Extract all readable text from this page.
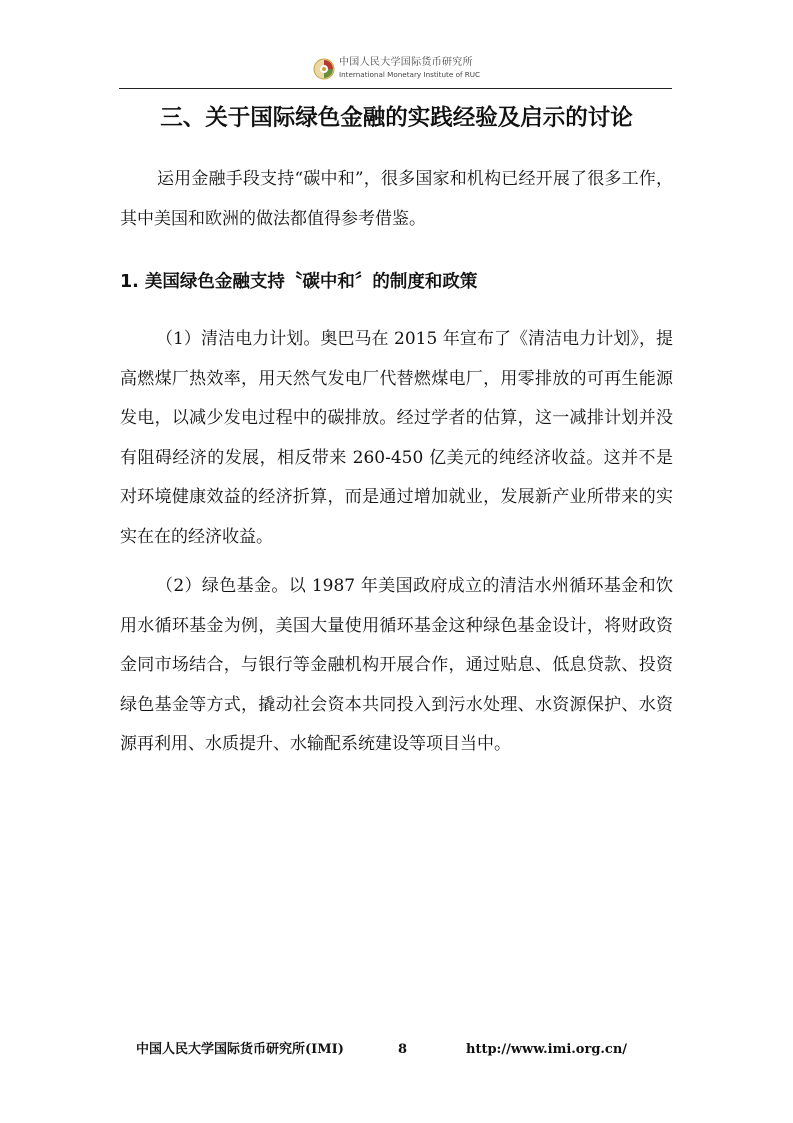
中国人民大学国际货币研究所
International Monetary Institute of RUC
三、关于国际绿色金融的实践经验及启示的讨论

运用金融手段支持“碳中和”，很多国家和机构已经开展了很多工作，其中美国和欧洲的做法都值得参考借鉴。

1. 美国绿色金融支持〝碳中和〞的制度和政策

（1）清洁电力计划。奥巴马在 2015 年宣布了《清洁电力计划》，提高燃煤厂热效率，用天然气发电厂代替燃煤电厂，用零排放的可再生能源发电，以减少发电过程中的碳排放。经过学者的估算，这一减排计划并没有阻碍经济的发展，相反带来 260-450 亿美元的纯经济收益。这并不是对环境健康效益的经济折算，而是通过增加就业，发展新产业所带来的实实在在的经济收益。

（2）绿色基金。以 1987 年美国政府成立的清洁水州循环基金和饮用水循环基金为例，美国大量使用循环基金这种绿色基金设计，将财政资金同市场结合，与银行等金融机构开展合作，通过贴息、低息贷款、投资绿色基金等方式，撬动社会资本共同投入到污水处理、水资源保护、水资源再利用、水质提升、水输配系统建设等项目当中。

中国人民大学国际货币研究所(IMI)	8	http://www.imi.org.cn/
